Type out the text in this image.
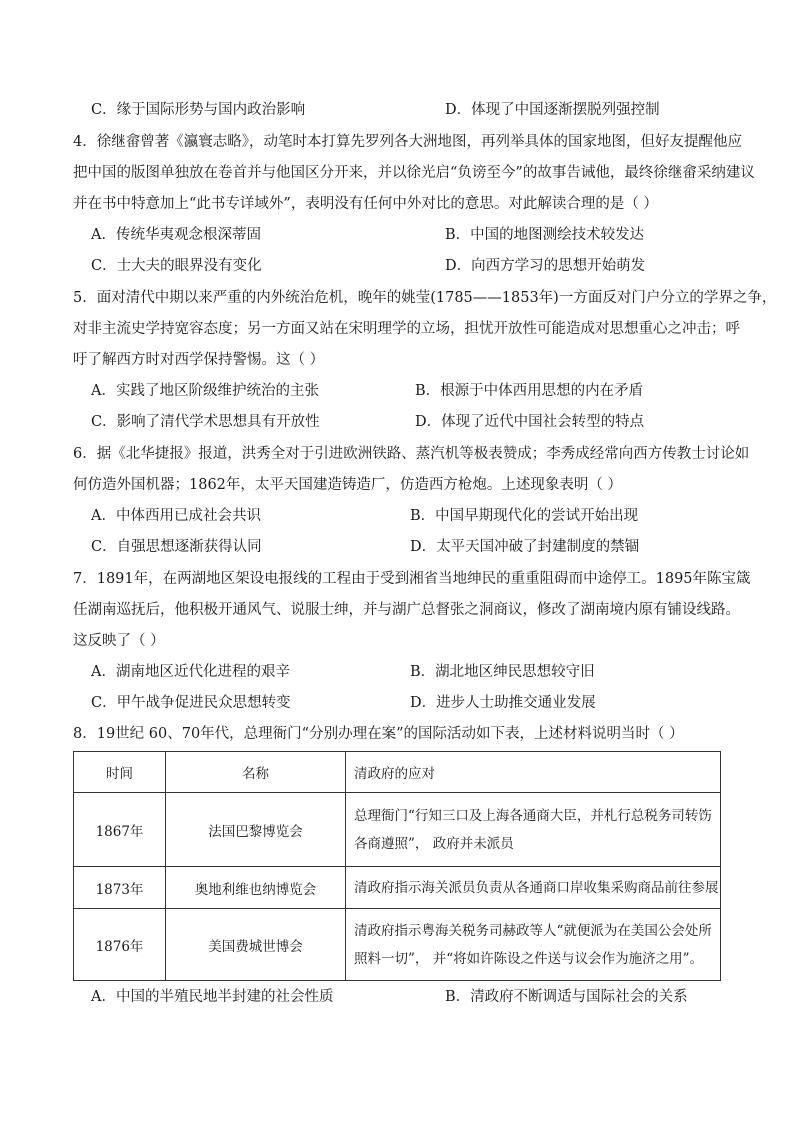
C．缘于国际形势与国内政治影响	D．体现了中国逐渐摆脱列强控制
4．徐继畲曾著《瀛寰志略》，动笔时本打算先罗列各大洲地图，再列举具体的国家地图，但好友提醒他应
把中国的版图单独放在卷首并与他国区分开来，并以徐光启“负谤至今”的故事告诫他，最终徐继畲采纳建议
并在书中特意加上“此书专详域外”，表明没有任何中外对比的意思。对此解读合理的是（ ）
A．传统华夷观念根深蒂固	B．中国的地图测绘技术较发达
C．士大夫的眼界没有变化	D．向西方学习的思想开始萌发
5．面对清代中期以来严重的内外统治危机，晚年的姚莹(1785——1853年)一方面反对门户分立的学界之争，
对非主流史学持宽容态度；另一方面又站在宋明理学的立场，担忧开放性可能造成对思想重心之冲击；呼
吁了解西方时对西学保持警惕。这（ ）
A．实践了地区阶级维护统治的主张	B．根源于中体西用思想的内在矛盾
C．影响了清代学术思想具有开放性	D．体现了近代中国社会转型的特点
6．据《北华捷报》报道，洪秀全对于引进欧洲铁路、蒸汽机等极表赞成；李秀成经常向西方传教士讨论如
何仿造外国机器；1862年，太平天国建造铸造厂，仿造西方枪炮。上述现象表明（ ）
A．中体西用已成社会共识	B．中国早期现代化的尝试开始出现
C．自强思想逐渐获得认同	D．太平天国冲破了封建制度的禁锢
7．1891年，在两湖地区架设电报线的工程由于受到湘省当地绅民的重重阻碍而中途停工。1895年陈宝箴
任湖南巡抚后，他积极开通风气、说服士绅，并与湖广总督张之洞商议，修改了湖南境内原有铺设线路。
这反映了（ ）
A．湖南地区近代化进程的艰辛	B．湖北地区绅民思想较守旧
C．甲午战争促进民众思想转变	D．进步人士助推交通业发展
8．19世纪 60、70年代，总理衙门“分别办理在案”的国际活动如下表，上述材料说明当时（ ）
时间	名称	清政府的应对
1867年	法国巴黎博览会	总理衙门“行知三口及上海各通商大臣，并札行总税务司转饬各商遵照”， 政府并未派员
1873年	奥地利维也纳博览会	清政府指示海关派员负责从各通商口岸收集采购商品前往参展
1876年	美国费城世博会	清政府指示粤海关税务司赫政等人“就便派为在美国公会处所照料一切”， 并“将如许陈设之件送与议会作为施济之用”。
A．中国的半殖民地半封建的社会性质	B．清政府不断调适与国际社会的关系
